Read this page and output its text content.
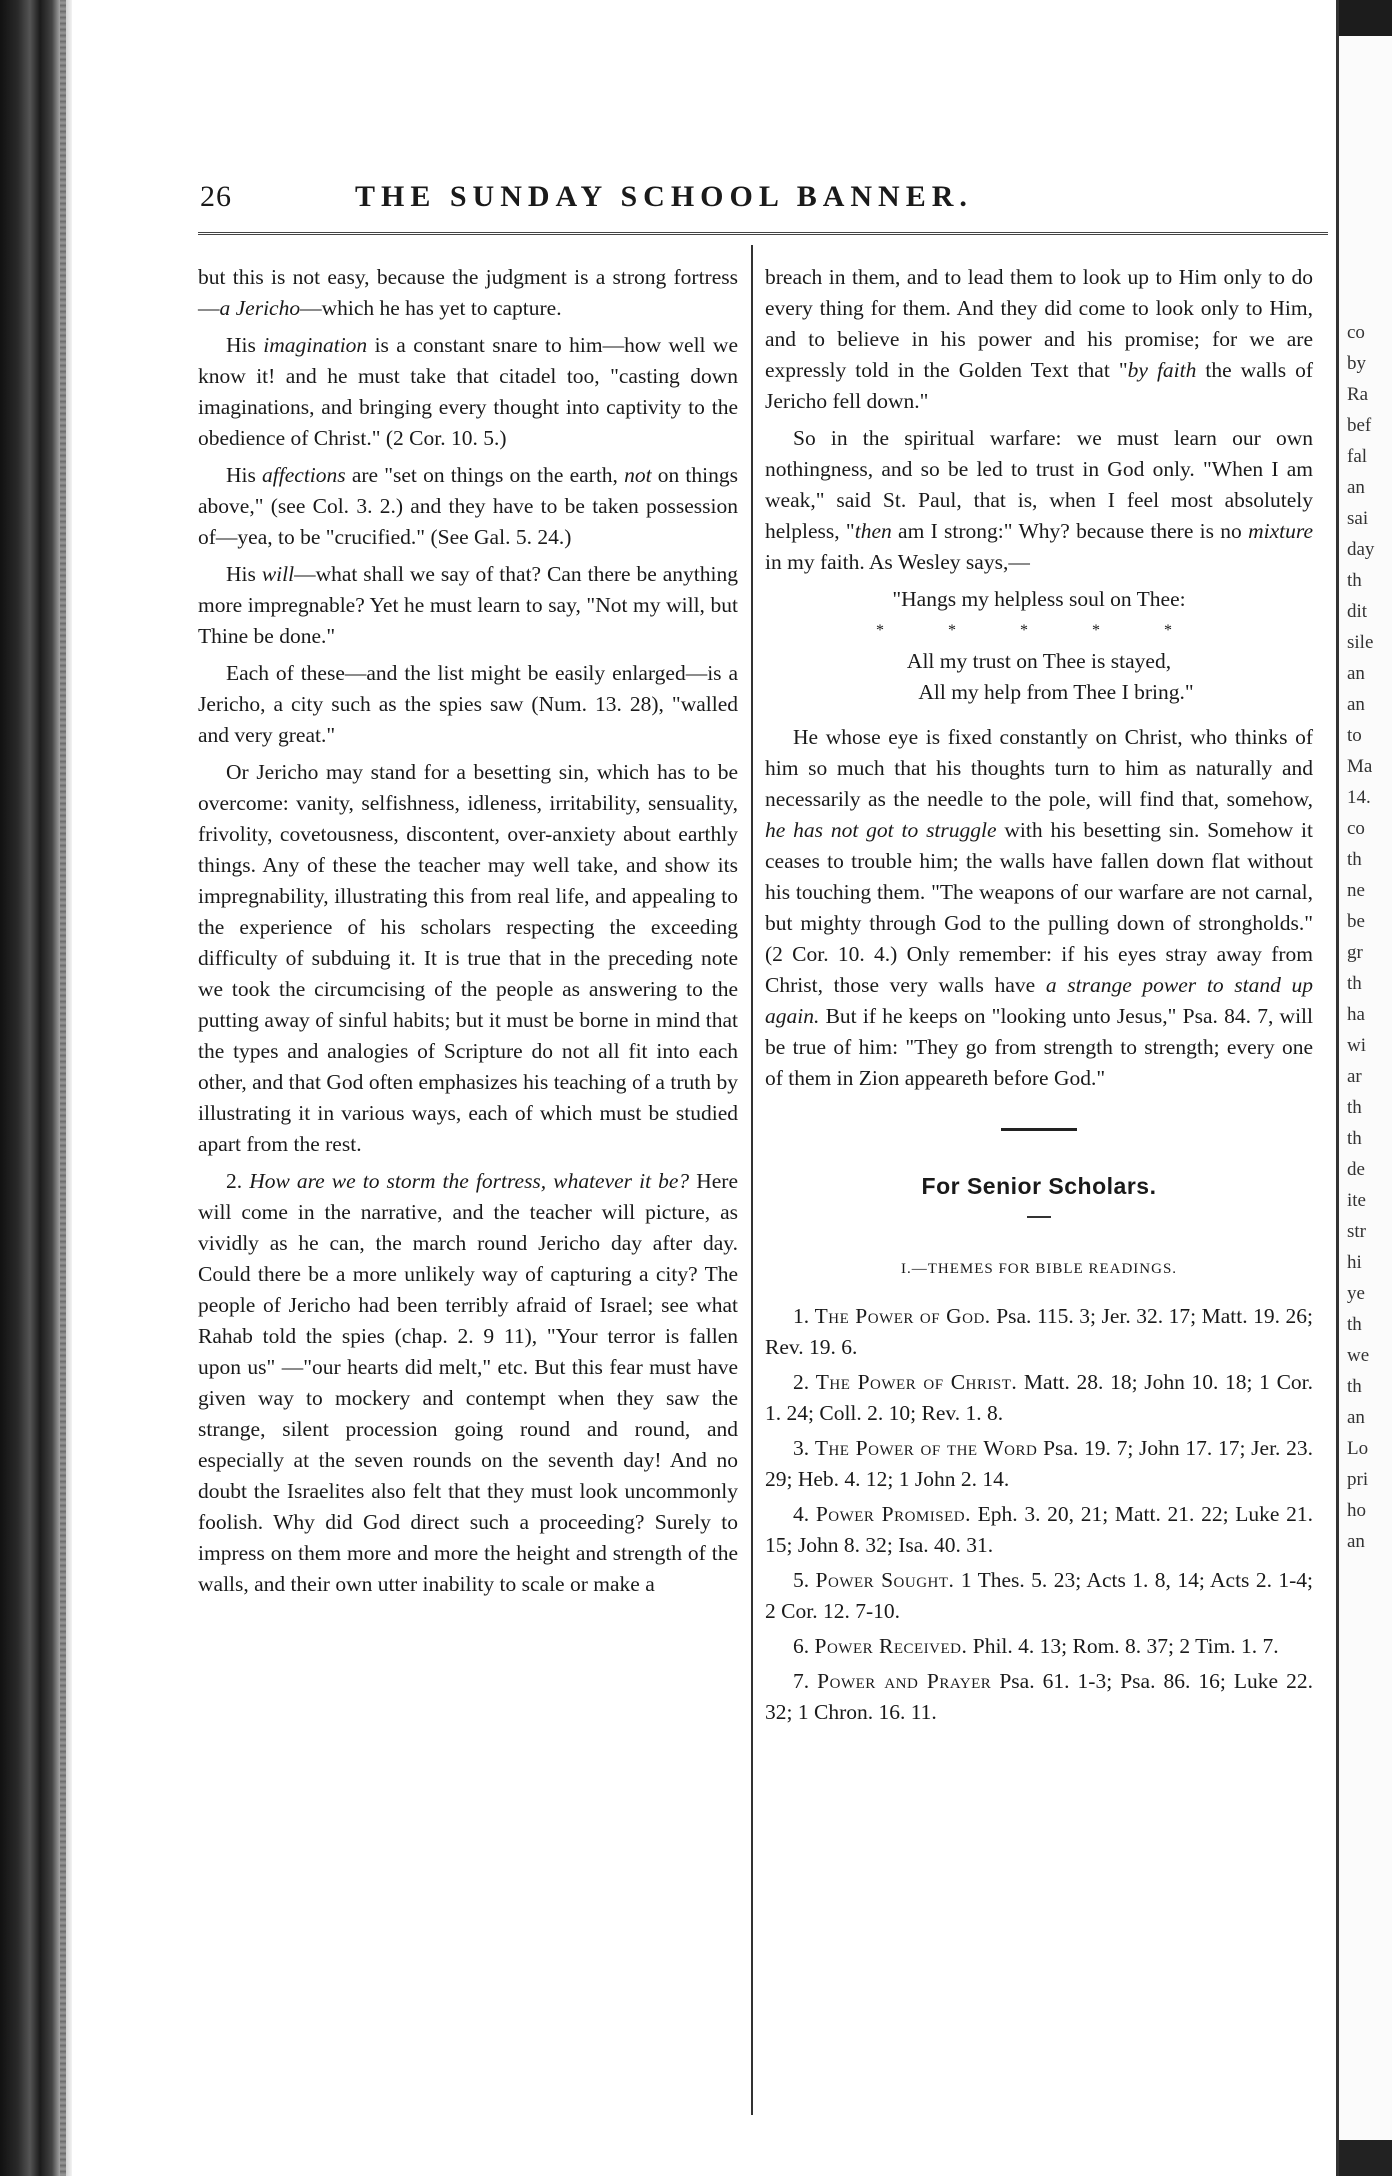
co
by
Ra
bef
fal
an
sai
day
th
dit
sile
an
an
to
Ma
14.
co
th
ne
be
gr
th
ha
wi
ar
th
th
de
ite
str
hi
ye
th
we
th
an
Lo
pri
ho
an
26	THE SUNDAY SCHOOL BANNER.

but this is not easy, because the judgment is a strong fortress—a Jericho—which he has yet to capture.

His imagination is a constant snare to him—how well we know it! and he must take that citadel too, "casting down imaginations, and bringing every thought into captivity to the obedience of Christ." (2 Cor. 10. 5.)

His affections are "set on things on the earth, not on things above," (see Col. 3. 2.) and they have to be taken possession of—yea, to be "crucified." (See Gal. 5. 24.)

His will—what shall we say of that? Can there be anything more impregnable? Yet he must learn to say, "Not my will, but Thine be done."

Each of these—and the list might be easily enlarged—is a Jericho, a city such as the spies saw (Num. 13. 28), "walled and very great."

Or Jericho may stand for a besetting sin, which has to be overcome: vanity, selfishness, idleness, irritability, sensuality, frivolity, covetousness, discontent, over-anxiety about earthly things. Any of these the teacher may well take, and show its impregnability, illustrating this from real life, and appealing to the experience of his scholars respecting the exceeding difficulty of subduing it. It is true that in the preceding note we took the circumcising of the people as answering to the putting away of sinful habits; but it must be borne in mind that the types and analogies of Scripture do not all fit into each other, and that God often emphasizes his teaching of a truth by illustrating it in various ways, each of which must be studied apart from the rest.

2. How are we to storm the fortress, whatever it be? Here will come in the narrative, and the teacher will picture, as vividly as he can, the march round Jericho day after day. Could there be a more unlikely way of capturing a city? The people of Jericho had been terribly afraid of Israel; see what Rahab told the spies (chap. 2. 9 11), "Your terror is fallen upon us" —"our hearts did melt," etc. But this fear must have given way to mockery and contempt when they saw the strange, silent procession going round and round, and especially at the seven rounds on the seventh day! And no doubt the Israelites also felt that they must look uncommonly foolish. Why did God direct such a proceeding? Surely to impress on them more and more the height and strength of the walls, and their own utter inability to scale or make a

breach in them, and to lead them to look up to Him only to do every thing for them. And they did come to look only to Him, and to believe in his power and his promise; for we are expressly told in the Golden Text that "by faith the walls of Jericho fell down."

So in the spiritual warfare: we must learn our own nothingness, and so be led to trust in God only. "When I am weak," said St. Paul, that is, when I feel most absolutely helpless, "then am I strong:" Why? because there is no mixture in my faith. As Wesley says,—

"Hangs my helpless soul on Thee:
* * * * *
All my trust on Thee is stayed,
All my help from Thee I bring."

He whose eye is fixed constantly on Christ, who thinks of him so much that his thoughts turn to him as naturally and necessarily as the needle to the pole, will find that, somehow, he has not got to struggle with his besetting sin. Somehow it ceases to trouble him; the walls have fallen down flat without his touching them. "The weapons of our warfare are not carnal, but mighty through God to the pulling down of strongholds." (2 Cor. 10. 4.) Only remember: if his eyes stray away from Christ, those very walls have a strange power to stand up again. But if he keeps on "looking unto Jesus," Psa. 84. 7, will be true of him: "They go from strength to strength; every one of them in Zion appeareth before God."

For Senior Scholars.
I.—THEMES FOR BIBLE READINGS.

1. The Power of God. Psa. 115. 3; Jer. 32. 17; Matt. 19. 26; Rev. 19. 6.

2. The Power of Christ. Matt. 28. 18; John 10. 18; 1 Cor. 1. 24; Coll. 2. 10; Rev. 1. 8.

3. The Power of the Word Psa. 19. 7; John 17. 17; Jer. 23. 29; Heb. 4. 12; 1 John 2. 14.

4. Power Promised. Eph. 3. 20, 21; Matt. 21. 22; Luke 21. 15; John 8. 32; Isa. 40. 31.

5. Power Sought. 1 Thes. 5. 23; Acts 1. 8, 14; Acts 2. 1-4; 2 Cor. 12. 7-10.

6. Power Received. Phil. 4. 13; Rom. 8. 37; 2 Tim. 1. 7.

7. Power and Prayer Psa. 61. 1-3; Psa. 86. 16; Luke 22. 32; 1 Chron. 16. 11.
